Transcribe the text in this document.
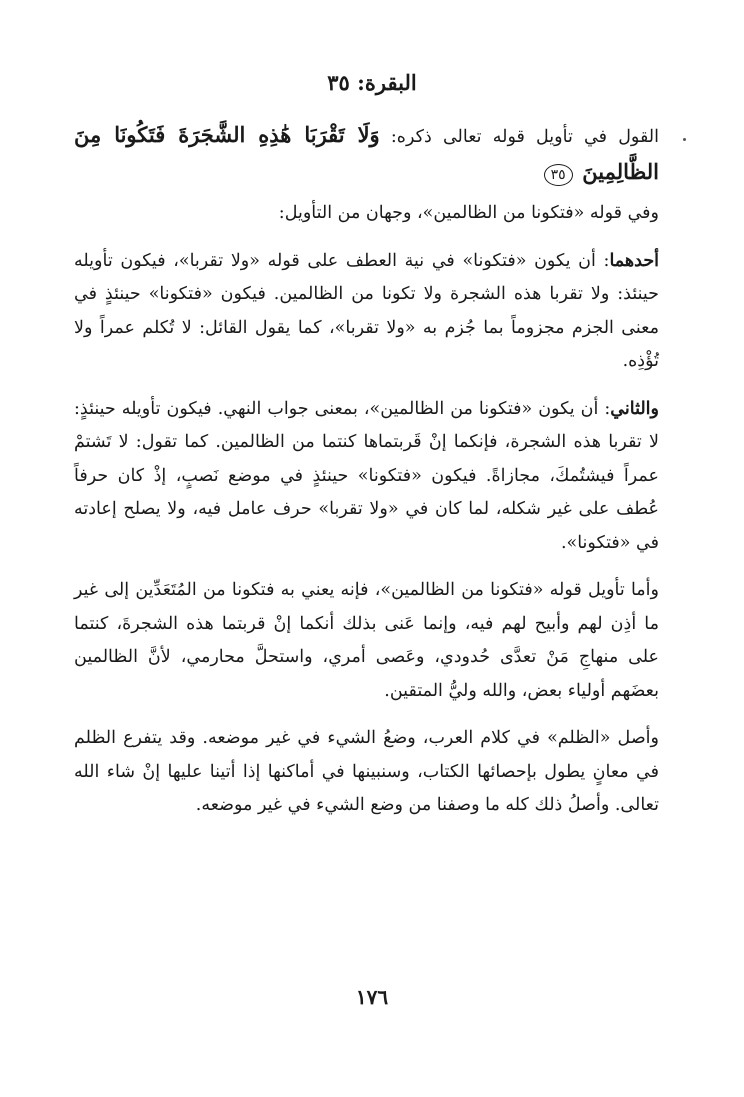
البقرة: ٣٥

القول في تأويل قوله تعالى ذكره: وَلَا تَقْرَبَا هَٰذِهِ الشَّجَرَةَ فَتَكُونَا مِنَ الظَّالِمِينَ ٣٥

وفي قوله «فتكونا من الظالمين»، وجهان من التأويل:

أحدهما: أن يكون «فتكونا» في نية العطف على قوله «ولا تقربا»، فيكون تأويله حينئذ: ولا تقربا هذه الشجرة ولا تكونا من الظالمين. فيكون «فتكونا» حينئذٍ في معنى الجزم مجزوماً بما جُزم به «ولا تقربا»، كما يقول القائل: لا تُكلم عمراً ولا تُؤْذِه.

والثاني: أن يكون «فتكونا من الظالمين»، بمعنى جواب النهي. فيكون تأويله حينئذٍ: لا تقربا هذه الشجرة، فإنكما إنْ قَربتماها كنتما من الظالمين. كما تقول: لا تَشتمْ عمراً فيشتُمكَ، مجازاةً. فيكون «فتكونا» حينئذٍ في موضع نَصبٍ، إذْ كان حرفاً عُطف على غير شكله، لما كان في «ولا تقربا» حرف عامل فيه، ولا يصلح إعادته في «فتكونا».

وأما تأويل قوله «فتكونا من الظالمين»، فإنه يعني به فتكونا من المُتَعَدِّين إلى غير ما أذِن لهم وأبيح لهم فيه، وإنما عَنى بذلك أنكما إنْ قربتما هذه الشجرةَ، كنتما على منهاجِ مَنْ تعدَّى حُدودي، وعَصى أمري، واستحلَّ محارمي، لأنَّ الظالمين بعضَهم أولياء بعض، والله وليُّ المتقين.

وأصل «الظلم» في كلام العرب، وضعُ الشيء في غير موضعه. وقد يتفرع الظلم في معانٍ يطول بإحصائها الكتاب، وسنبينها في أماكنها إذا أتينا عليها إنْ شاء الله تعالى. وأصلُ ذلك كله ما وصفنا من وضع الشيء في غير موضعه.

١٧٦
